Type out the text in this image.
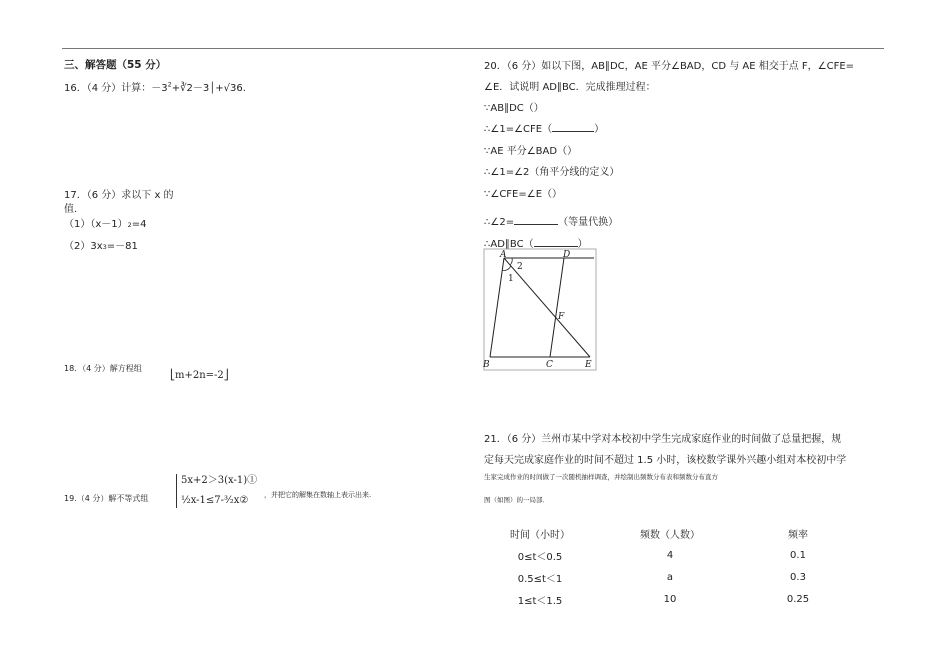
三、解答题（55 分）
16．（4 分）计算：$-3^2+∛2-3│+√36$.
17．（6 分）求以下 x 的
值.
（1）（x－1）2=4
（2）3x3=－81
18．（4 分）解方程组
⎣m+2n=-2⎦
19.（4 分）解不等式组
5x+2＞3(x-1)①
½x-1≤7-³⁄₂x②	，并把它的解集在数轴上表示出来.
20．（6 分）如以下图，AB∥DC，AE 平分∠BAD，CD 与 AE 相交于点 F，∠CFE=
∠E．试说明 AD∥BC．完成推理过程：
∵AB∥DC（）
∴∠1=∠CFE（	）
∵AE 平分∠BAD（）
∴∠1=∠2（角平分线的定义）
∵∠CFE=∠E（）
∴∠2=	（等量代换）
∴AD∥BC（	）
A	D
B	C	E
F
1
2
21．（6 分）兰州市某中学对本校初中学生完成家庭作业的时间做了总量把握，规
定每天完成家庭作业的时间不超过 1.5 小时，该校数学课外兴趣小组对本校初中学
生家完成作业的时间做了一次随机抽样调查，并绘制出频数分布表和频数分布直方
图（如图）的一局部．
时间（小时）	频数（人数）	频率
0≤t＜0.5	4	0.1
0.5≤t＜1	a	0.3
1≤t＜1.5	10	0.25
